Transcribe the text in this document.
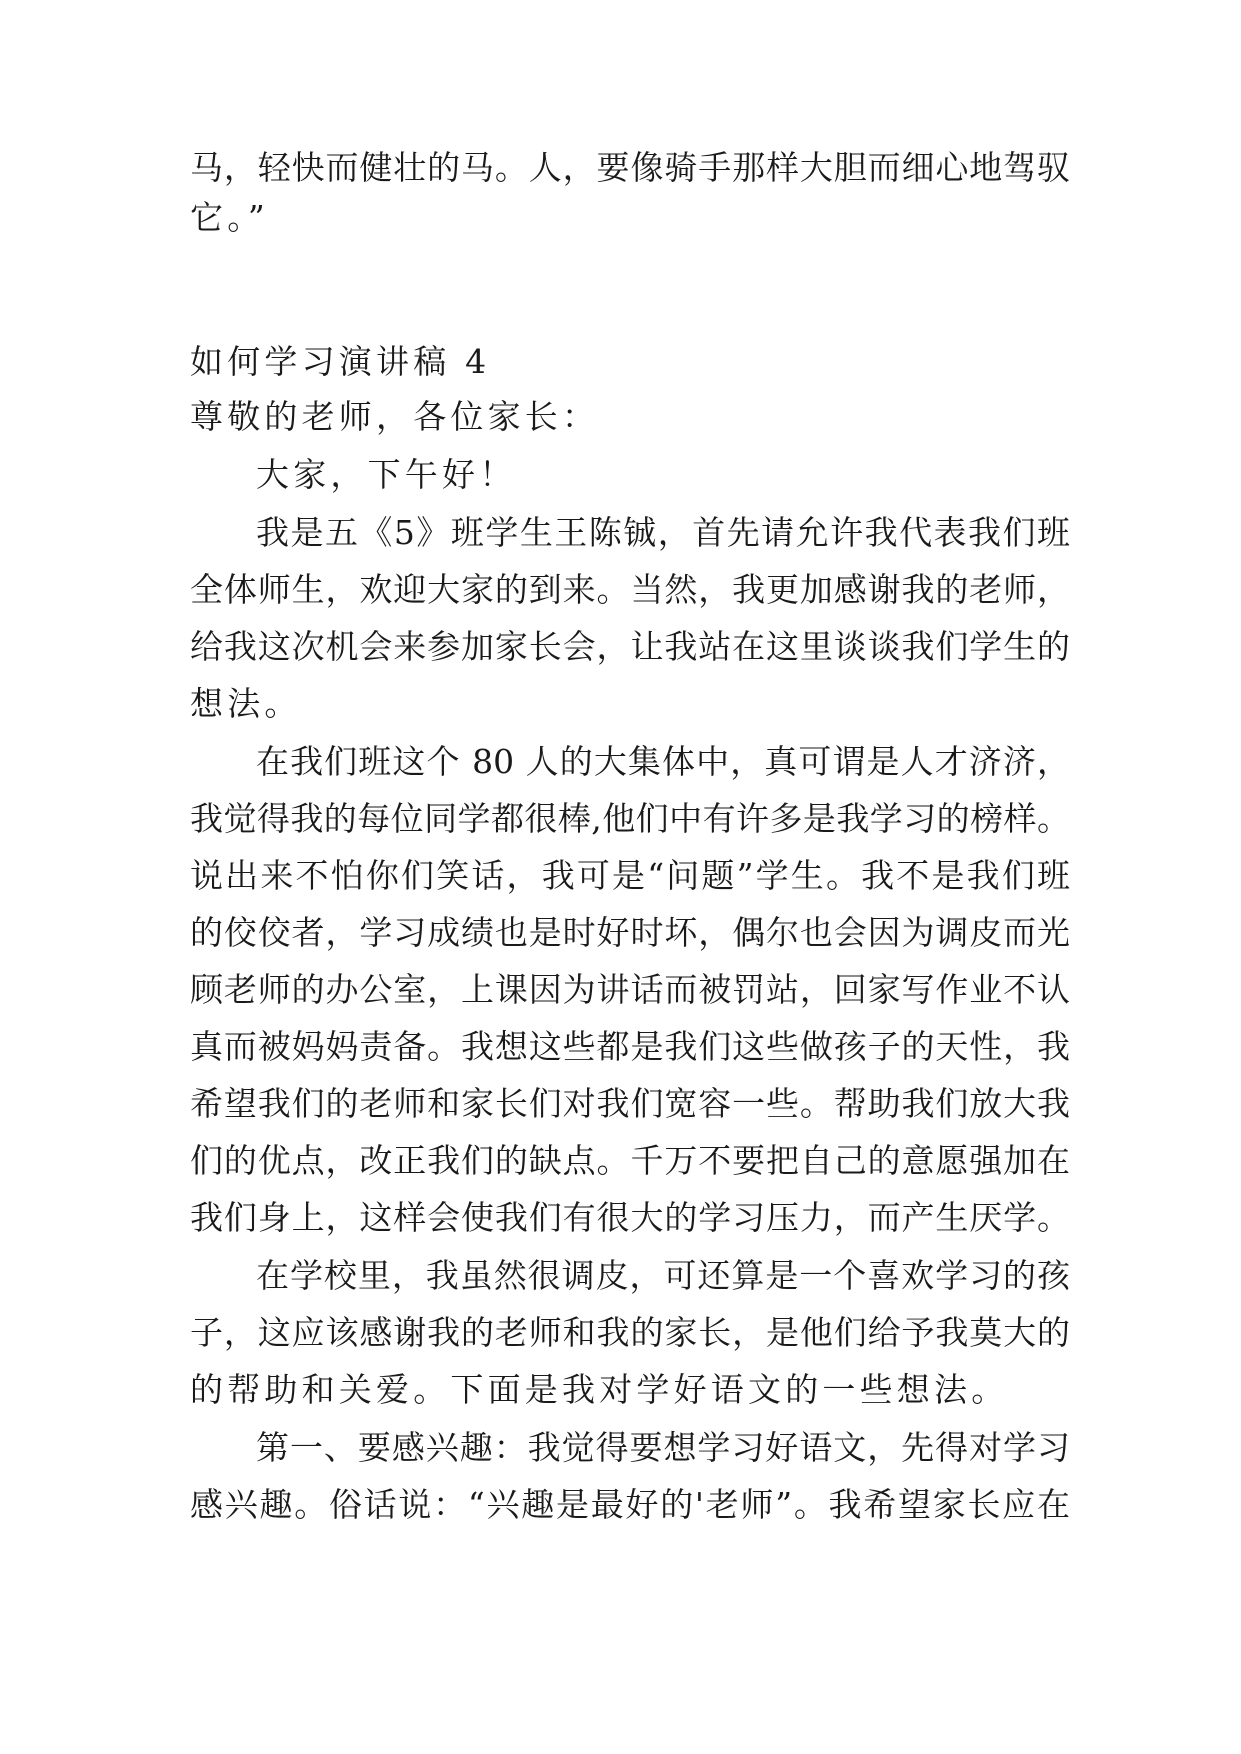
马，轻快而健壮的马。人，要像骑手那样大胆而细心地驾驭
它。”
如何学习演讲稿 4
尊敬的老师，各位家长：
大家，下午好！
我是五《5》班学生王陈铖，首先请允许我代表我们班
全体师生，欢迎大家的到来。当然，我更加感谢我的老师，
给我这次机会来参加家长会，让我站在这里谈谈我们学生的
想法。
在我们班这个 80 人的大集体中，真可谓是人才济济，
我觉得我的每位同学都很棒,他们中有许多是我学习的榜样。
说出来不怕你们笑话，我可是“问题”学生。我不是我们班
的佼佼者，学习成绩也是时好时坏，偶尔也会因为调皮而光
顾老师的办公室，上课因为讲话而被罚站，回家写作业不认
真而被妈妈责备。我想这些都是我们这些做孩子的天性，我
希望我们的老师和家长们对我们宽容一些。帮助我们放大我
们的优点，改正我们的缺点。千万不要把自己的意愿强加在
我们身上，这样会使我们有很大的学习压力，而产生厌学。
在学校里，我虽然很调皮，可还算是一个喜欢学习的孩
子，这应该感谢我的老师和我的家长，是他们给予我莫大的
的帮助和关爱。下面是我对学好语文的一些想法。
第一、要感兴趣：我觉得要想学习好语文，先得对学习
感兴趣。俗话说：“兴趣是最好的'老师”。我希望家长应在
